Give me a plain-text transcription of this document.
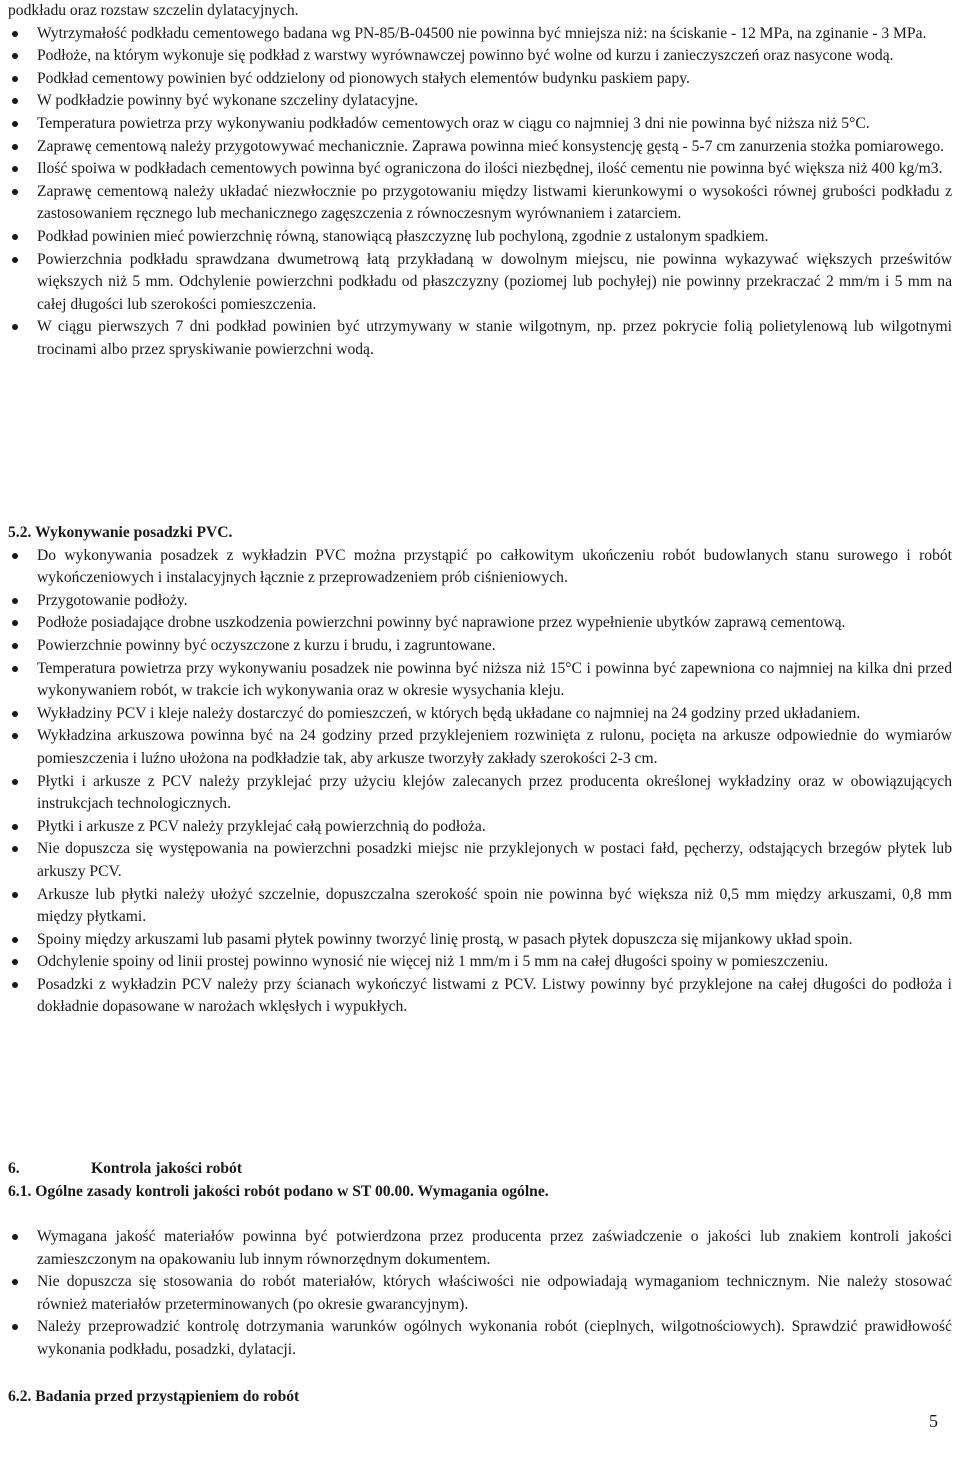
podkładu oraz rozstaw szczelin dylatacyjnych.

Wytrzymałość podkładu cementowego badana wg PN-85/B-04500 nie powinna być mniejsza niż: na ściskanie - 12 MPa, na zginanie - 3 MPa.
Podłoże, na którym wykonuje się podkład z warstwy wyrównawczej powinno być wolne od kurzu i zanieczyszczeń oraz nasycone wodą.
Podkład cementowy powinien być oddzielony od pionowych stałych elementów budynku paskiem papy.
W podkładzie powinny być wykonane szczeliny dylatacyjne.
Temperatura powietrza przy wykonywaniu podkładów cementowych oraz w ciągu co najmniej 3 dni nie powinna być niższa niż 5°C.
Zaprawę cementową należy przygotowywać mechanicznie. Zaprawa powinna mieć konsystencję gęstą - 5-7 cm zanurzenia stożka pomiarowego.
Ilość spoiwa w podkładach cementowych powinna być ograniczona do ilości niezbędnej, ilość cementu nie powinna być większa niż 400 kg/m3.
Zaprawę cementową należy układać niezwłocznie po przygotowaniu między listwami kierunkowymi o wysokości równej grubości podkładu z zastosowaniem ręcznego lub mechanicznego zagęszczenia z równoczesnym wyrównaniem i zatarciem.
Podkład powinien mieć powierzchnię równą, stanowiącą płaszczyznę lub pochyloną, zgodnie z ustalonym spadkiem.
Powierzchnia podkładu sprawdzana dwumetrową łatą przykładaną w dowolnym miejscu, nie powinna wykazywać większych prześwitów większych niż 5 mm. Odchylenie powierzchni podkładu od płaszczyzny (poziomej lub pochyłej) nie powinny przekraczać 2 mm/m i 5 mm na całej długości lub szerokości pomieszczenia.
W ciągu pierwszych 7 dni podkład powinien być utrzymywany w stanie wilgotnym, np. przez pokrycie folią polietylenową lub wilgotnymi trocinami albo przez spryskiwanie powierzchni wodą.

5.2. Wykonywanie posadzki PVC.

Do wykonywania posadzek z wykładzin PVC można przystąpić po całkowitym ukończeniu robót budowlanych stanu surowego i robót wykończeniowych i instalacyjnych łącznie z przeprowadzeniem prób ciśnieniowych.
Przygotowanie podłoży.
Podłoże posiadające drobne uszkodzenia powierzchni powinny być naprawione przez wypełnienie ubytków zaprawą cementową.
Powierzchnie powinny być oczyszczone z kurzu i brudu, i zagruntowane.
Temperatura powietrza przy wykonywaniu posadzek nie powinna być niższa niż 15°C i powinna być zapewniona co najmniej na kilka dni przed wykonywaniem robót, w trakcie ich wykonywania oraz w okresie wysychania kleju.
Wykładziny PCV i kleje należy dostarczyć do pomieszczeń, w których będą układane co najmniej na 24 godziny przed układaniem.
Wykładzina arkuszowa powinna być na 24 godziny przed przyklejeniem rozwinięta z rulonu, pocięta na arkusze odpowiednie do wymiarów pomieszczenia i luźno ułożona na podkładzie tak, aby arkusze tworzyły zakłady szerokości 2-3 cm.
Płytki i arkusze z PCV należy przyklejać przy użyciu klejów zalecanych przez producenta określonej wykładziny oraz w obowiązujących instrukcjach technologicznych.
Płytki i arkusze z PCV należy przyklejać całą powierzchnią do podłoża.
Nie dopuszcza się występowania na powierzchni posadzki miejsc nie przyklejonych w postaci fałd, pęcherzy, odstających brzegów płytek lub arkuszy PCV.
Arkusze lub płytki należy ułożyć szczelnie, dopuszczalna szerokość spoin nie powinna być większa niż 0,5 mm między arkuszami, 0,8 mm między płytkami.
Spoiny między arkuszami lub pasami płytek powinny tworzyć linię prostą, w pasach płytek dopuszcza się mijankowy układ spoin.
Odchylenie spoiny od linii prostej powinno wynosić nie więcej niż 1 mm/m i 5 mm na całej długości spoiny w pomieszczeniu.
Posadzki z wykładzin PCV należy przy ścianach wykończyć listwami z PCV. Listwy powinny być przyklejone na całej długości do podłoża i dokładnie dopasowane w narożach wklęsłych i wypukłych.

6.	Kontrola jakości robót

6.1. Ogólne zasady kontroli jakości robót podano w ST 00.00. Wymagania ogólne.

Wymagana jakość materiałów powinna być potwierdzona przez producenta przez zaświadczenie o jakości lub znakiem kontroli jakości zamieszczonym na opakowaniu lub innym równorzędnym dokumentem.
Nie dopuszcza się stosowania do robót materiałów, których właściwości nie odpowiadają wymaganiom technicznym. Nie należy stosować również materiałów przeterminowanych (po okresie gwarancyjnym).
Należy przeprowadzić kontrolę dotrzymania warunków ogólnych wykonania robót (cieplnych, wilgotnościowych). Sprawdzić prawidłowość wykonania podkładu, posadzki, dylatacji.

6.2. Badania przed przystąpieniem do robót

5
